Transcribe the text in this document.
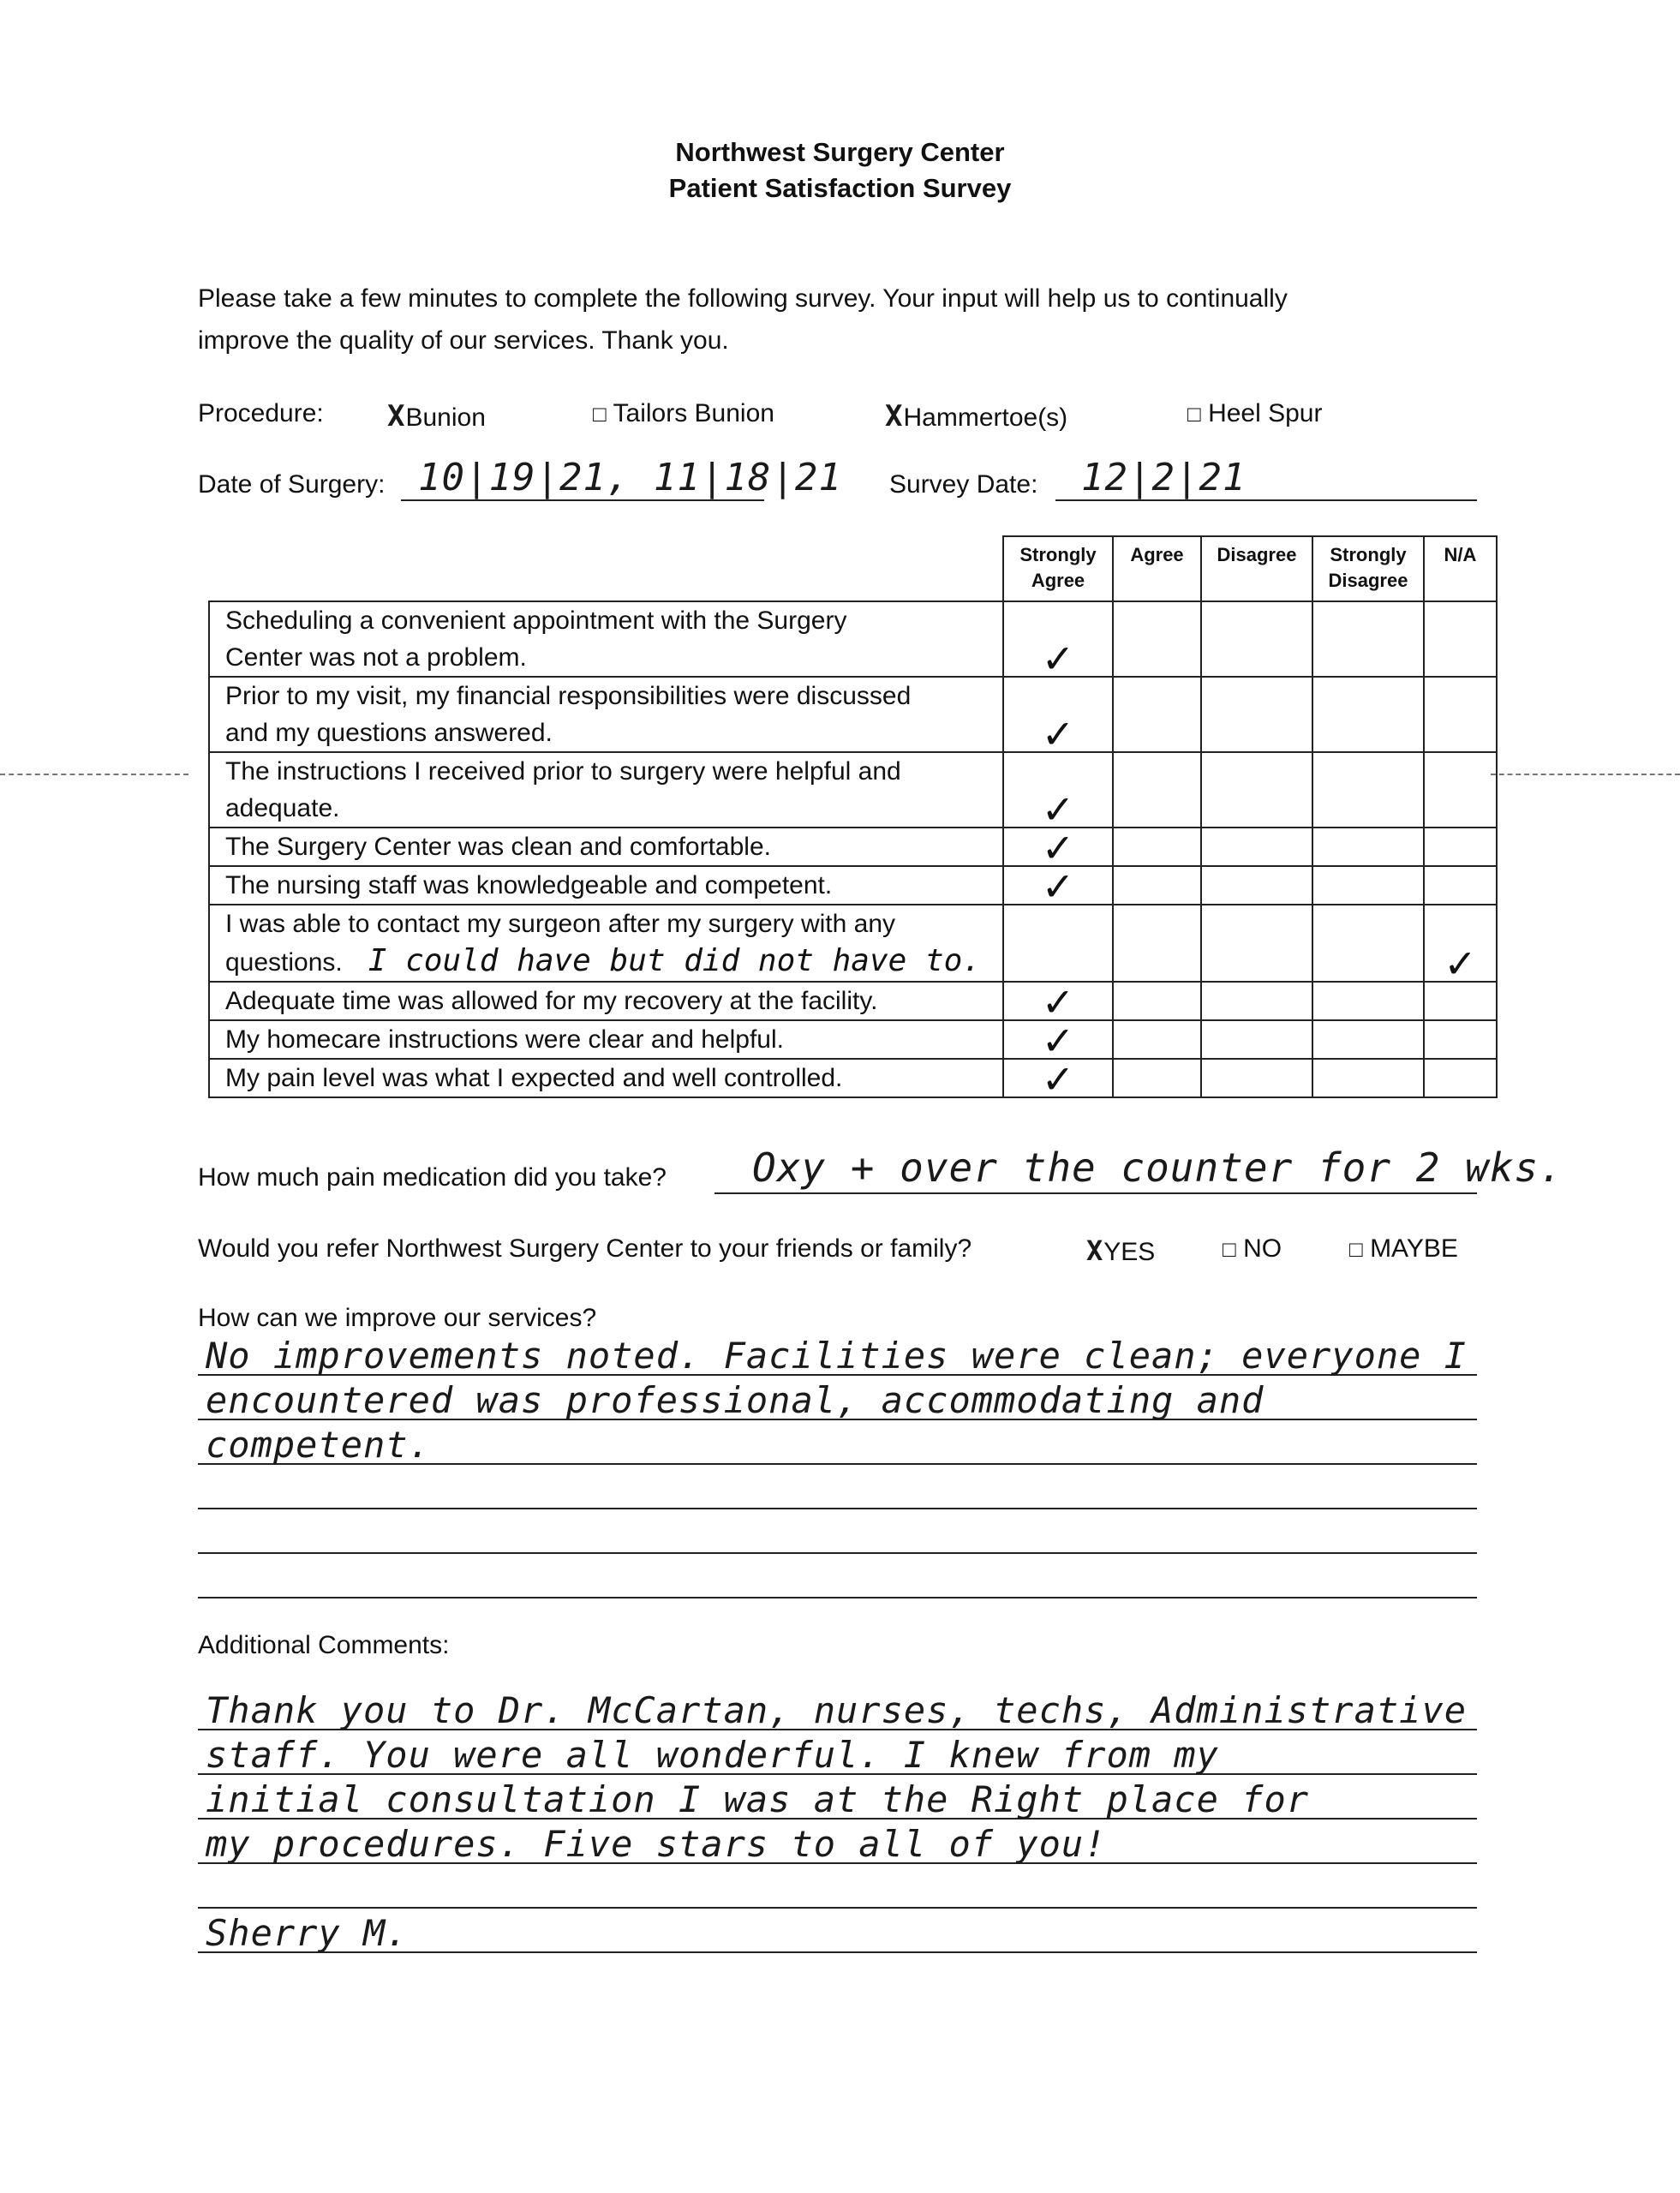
Northwest Surgery Center
Patient Satisfaction Survey
Please take a few minutes to complete the following survey. Your input will help us to continually
improve the quality of our services. Thank you.
Procedure: XBunion	□ Tailors Bunion	XHammertoe(s)	□ Heel Spur
Date of Surgery: 10|19|21, 11|18|21 Survey Date: 12|2|21
	Strongly Agree	Agree	Disagree	Strongly Disagree	N/A

Scheduling a convenient appointment with the Surgery
Center was not a problem.	✓				

Prior to my visit, my financial responsibilities were discussed
and my questions answered.	✓				

The instructions I received prior to surgery were helpful and
adequate.	✓				

The Surgery Center was clean and comfortable.	✓				

The nursing staff was knowledgeable and competent.	✓				

I was able to contact my surgeon after my surgery with any
questions. I could have but did not have to.					✓

Adequate time was allowed for my recovery at the facility.	✓				

My homecare instructions were clear and helpful.	✓				

My pain level was what I expected and well controlled.	✓				
How much pain medication did you take? Oxy + over the counter for 2 wks.
Would you refer Northwest Surgery Center to your friends or family?	XYES	□ NO	□ MAYBE
How can we improve our services?
No improvements noted. Facilities were clean; everyone I
encountered was professional, accommodating and
competent.
Additional Comments:
Thank you to Dr. McCartan, nurses, techs, Administrative
staff. You were all wonderful. I knew from my
initial consultation I was at the Right place for
my procedures. Five stars to all of you!
Sherry M.
